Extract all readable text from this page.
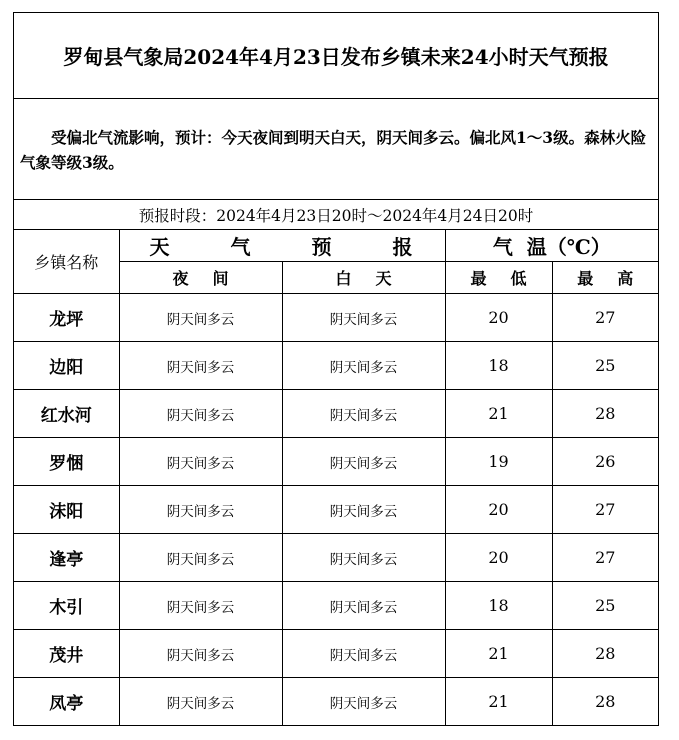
罗甸县气象局2024年4月23日发布乡镇未来24小时天气预报
受偏北气流影响，预计：今天夜间到明天白天，阴天间多云。偏北风1～3级。森林火险气象等级3级。
预报时段：2024年4月23日20时～2024年4月24日20时
乡镇名称	天 气 预 报		气  温（℃）	

	夜 间	白 天	最 低	最 高

龙坪	阴天间多云	阴天间多云	20	27
边阳	阴天间多云	阴天间多云	18	25
红水河	阴天间多云	阴天间多云	21	28
罗悃	阴天间多云	阴天间多云	19	26
沫阳	阴天间多云	阴天间多云	20	27
逢亭	阴天间多云	阴天间多云	20	27
木引	阴天间多云	阴天间多云	18	25
茂井	阴天间多云	阴天间多云	21	28
凤亭	阴天间多云	阴天间多云	21	28
